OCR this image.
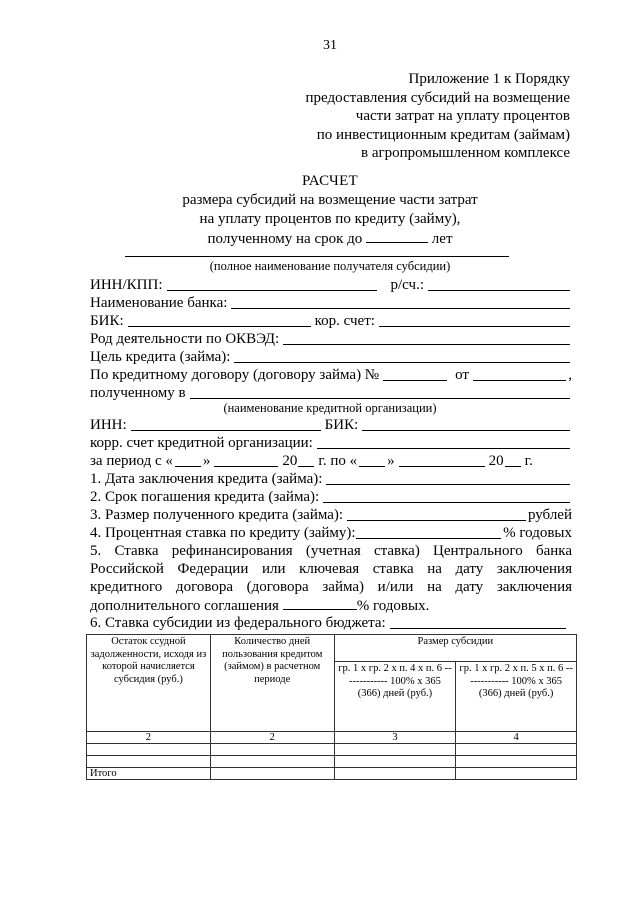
31
Приложение 1 к Порядку
предоставления субсидий на возмещение
части затрат на уплату процентов
по инвестиционным кредитам (займам)
в агропромышленном комплексе
РАСЧЕТ
размера субсидий на возмещение части затрат
на уплату процентов по кредиту (займу),
полученному на срок до	лет
(полное наименование получателя субсидии)
ИНН/КПП:	р/сч.:
Наименование банка:
БИК:	кор. счет:
Род деятельности по ОКВЭД:
Цель кредита (займа):
По кредитному договору (договору займа) №	от	,
полученному в
(наименование кредитной организации)
ИНН:	БИК:
корр. счет кредитной организации:
за период с « »	20 г. по « »	20 г.
1. Дата заключения кредита (займа):
2. Срок погашения кредита (займа):
3. Размер полученного кредита (займа):	рублей
4. Процентная ставка по кредиту (займу):	% годовых
5. Ставка рефинансирования (учетная ставка) Центрального банка Российской Федерации или ключевая ставка на дату заключения кредитного договора (договора займа) и/или на дату заключения дополнительного соглашения	% годовых.
6. Ставка субсидии из федерального бюджета:
Остаток ссудной задолженности, исходя из которой начисляется субсидия (руб.)	Количество дней пользования кредитом (займом) в расчетном периоде	Размер субсидии	
		гр. 1 x гр. 2 x п. 4 x п. 6 ------------- 100% x 365 (366) дней (руб.)	гр. 1 x гр. 2 x п. 5 x п. 6 ------------- 100% x 365 (366) дней (руб.)
2	2	3	4

Итого			
